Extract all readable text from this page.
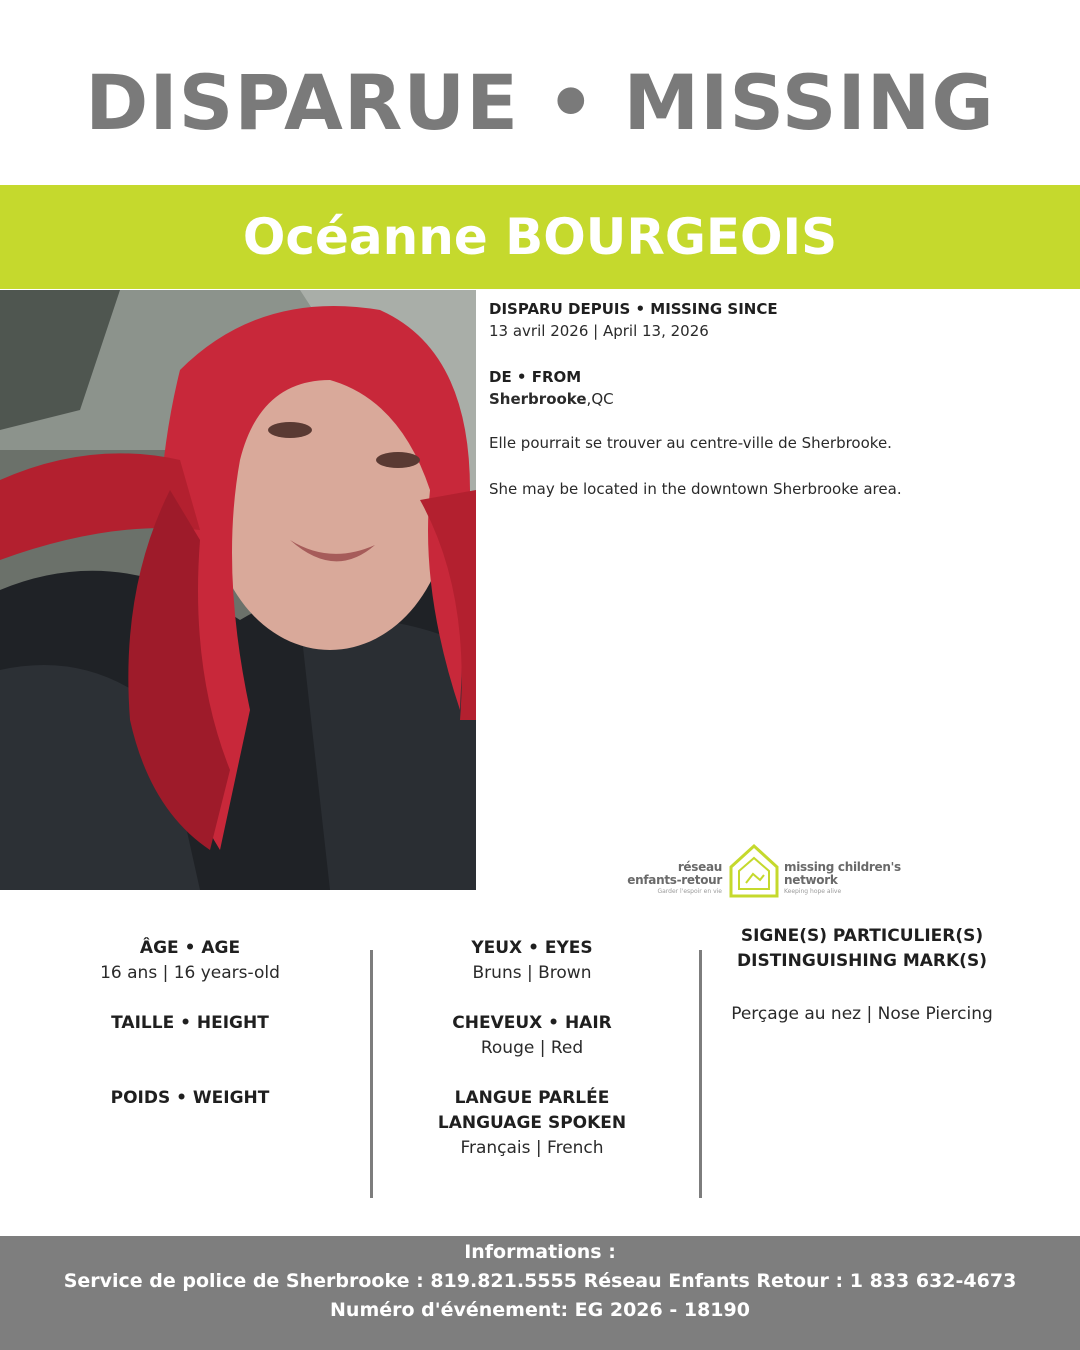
DISPARUE • MISSING
Océanne BOURGEOIS
DISPARU DEPUIS • MISSING SINCE
13 avril 2026 | April 13, 2026
DE • FROM
Sherbrooke,QC
Elle pourrait se trouver au centre-ville de Sherbrooke.
She may be located in the downtown Sherbrooke area.
réseau
enfants-retour
Garder l'espoir en vie
missing children's
network
Keeping hope alive
ÂGE • AGE
16 ans | 16 years-old
TAILLE • HEIGHT
POIDS • WEIGHT
YEUX • EYES
Bruns | Brown
CHEVEUX • HAIR
Rouge | Red
LANGUE PARLÉE
LANGUAGE SPOKEN
Français | French
SIGNE(S) PARTICULIER(S)
DISTINGUISHING MARK(S)
Perçage au nez | Nose Piercing
Informations :
Service de police de Sherbrooke : 819.821.5555 Réseau Enfants Retour : 1 833 632-4673
Numéro d'événement: EG 2026 - 18190
